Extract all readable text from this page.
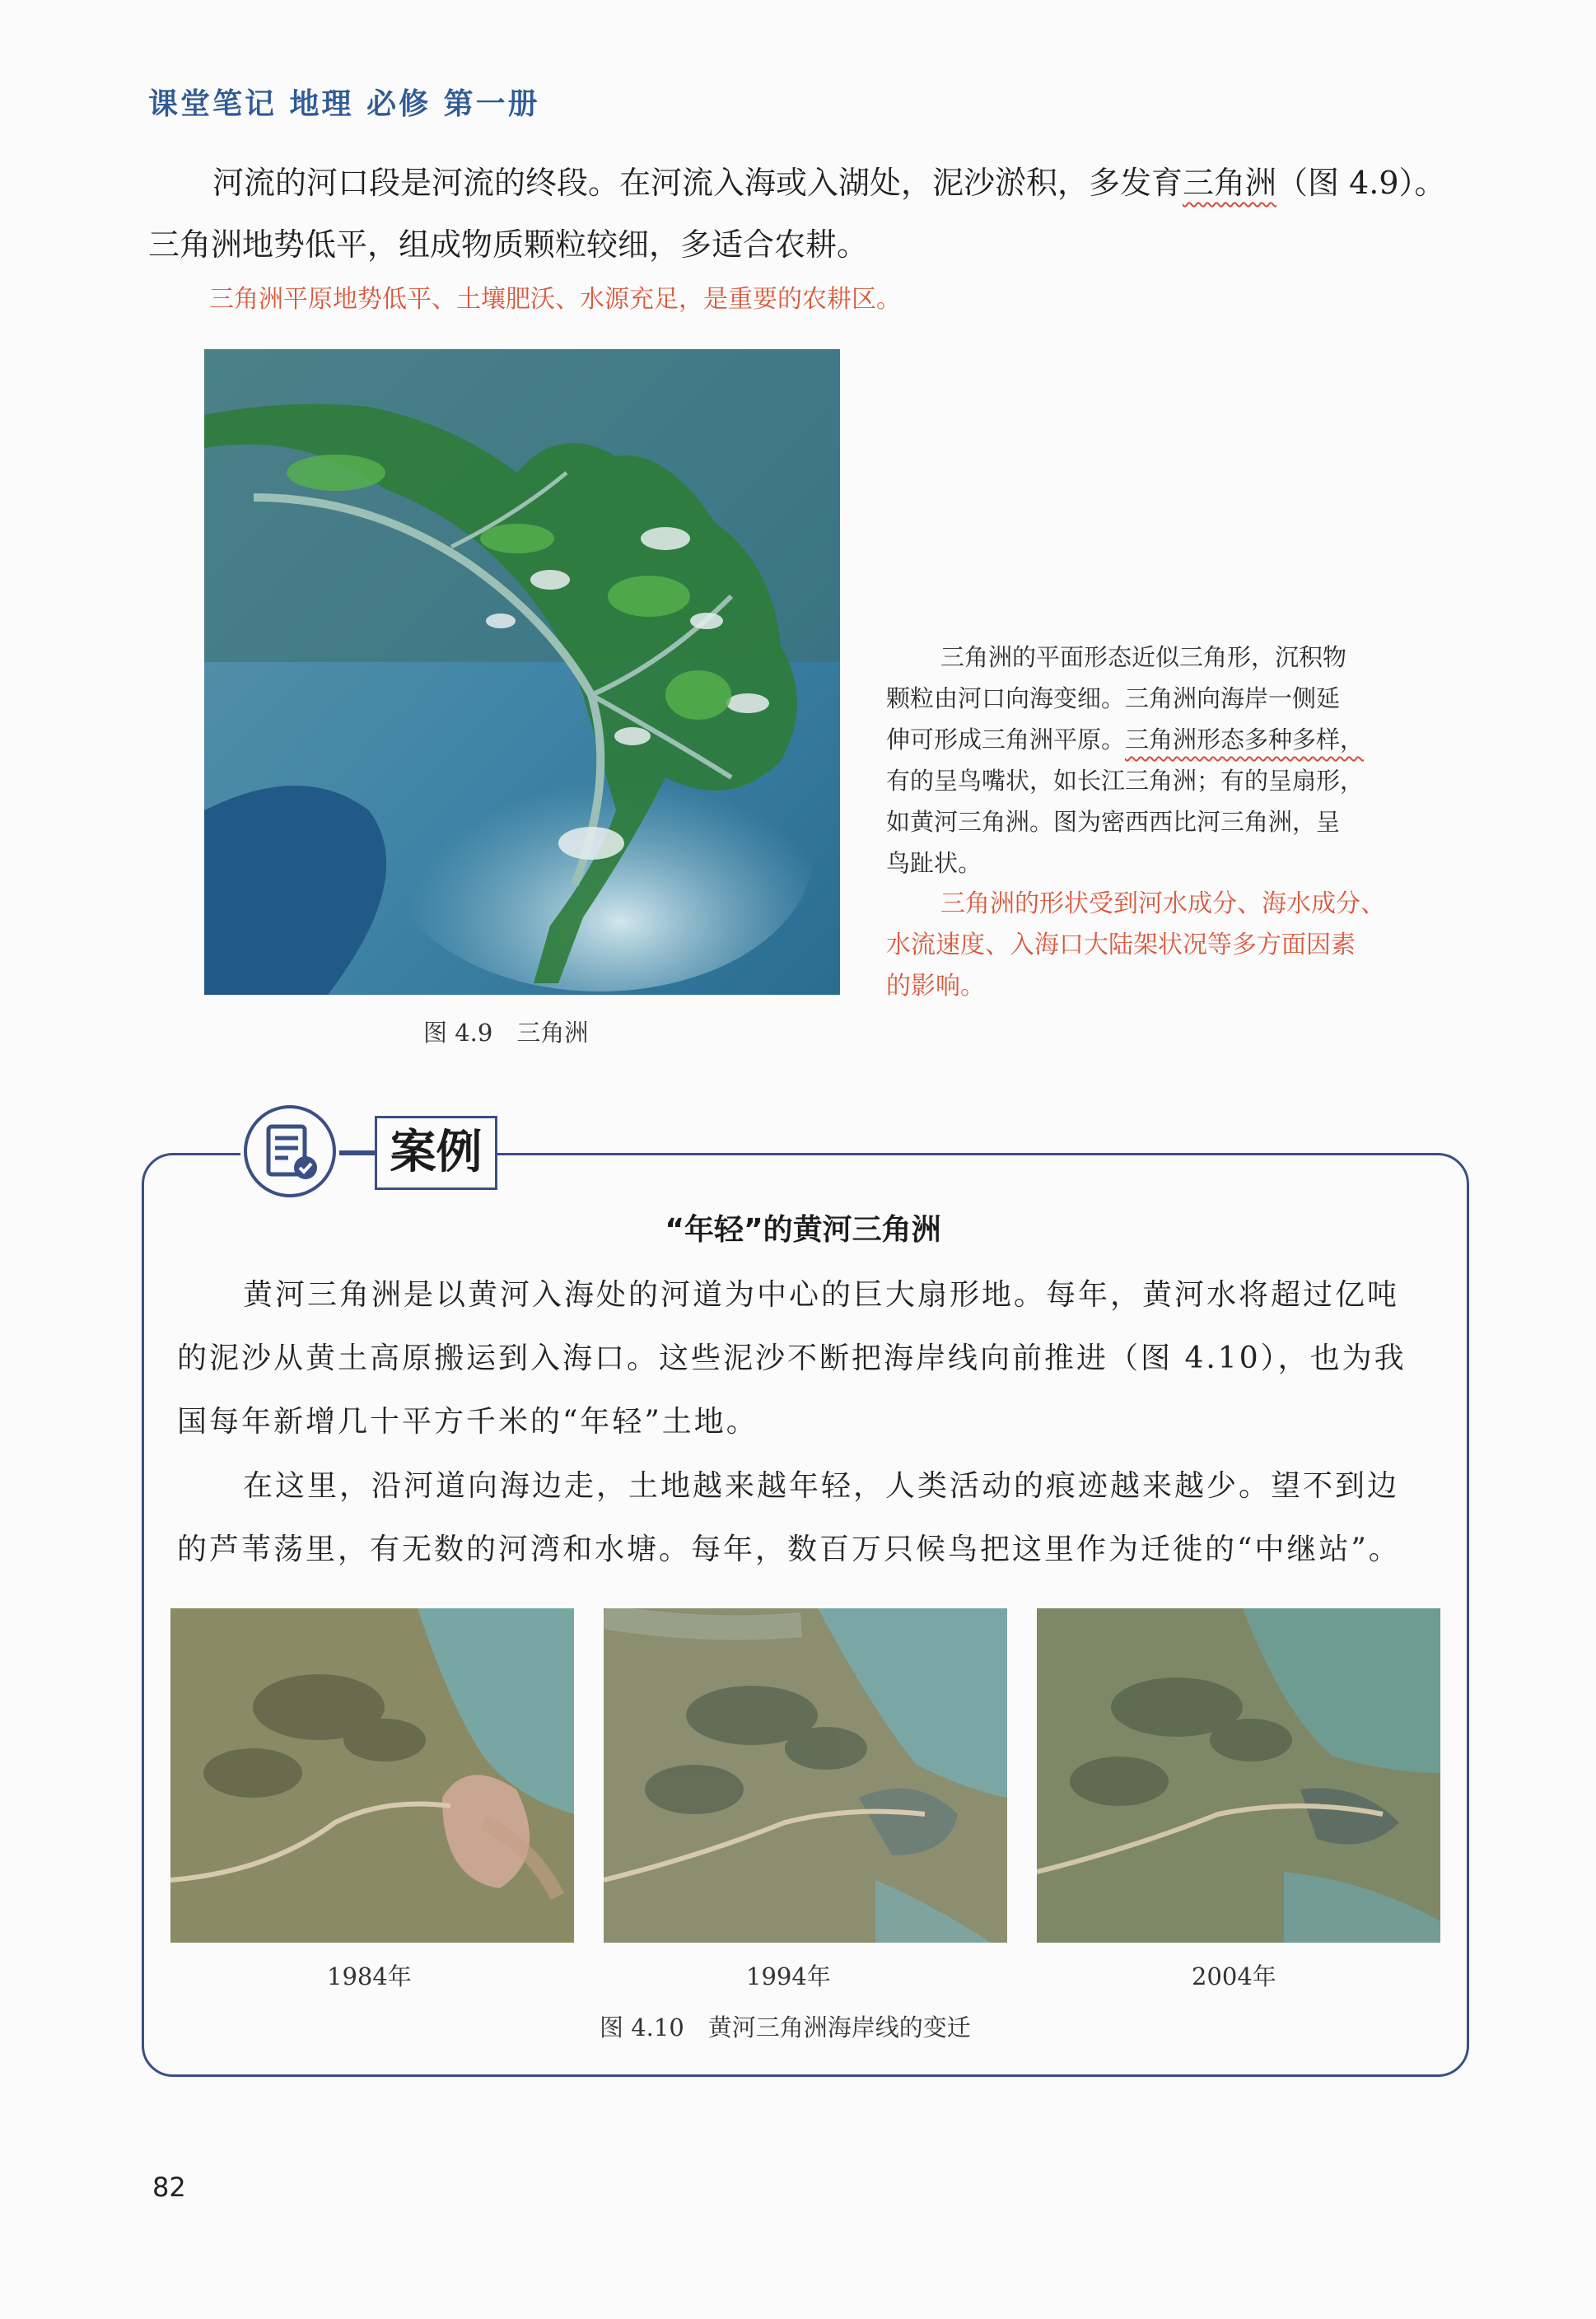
课堂笔记 地理 必修 第一册
河流的河口段是河流的终段。在河流入海或入湖处，泥沙淤积，多发育三角洲（图 4.9）。
三角洲地势低平，组成物质颗粒较细，多适合农耕。
三角洲平原地势低平、土壤肥沃、水源充足，是重要的农耕区。
三角洲的平面形态近似三角形，沉积物
颗粒由河口向海变细。三角洲向海岸一侧延
伸可形成三角洲平原。三角洲形态多种多样，
有的呈鸟嘴状，如长江三角洲；有的呈扇形，
如黄河三角洲。图为密西西比河三角洲，呈
鸟趾状。
三角洲的形状受到河水成分、海水成分、
水流速度、入海口大陆架状况等多方面因素
的影响。
图 4.9　三角洲
案例
“年轻”的黄河三角洲
黄河三角洲是以黄河入海处的河道为中心的巨大扇形地。每年，黄河水将超过亿吨
的泥沙从黄土高原搬运到入海口。这些泥沙不断把海岸线向前推进（图 4.10），也为我
国每年新增几十平方千米的“年轻”土地。
在这里，沿河道向海边走，土地越来越年轻，人类活动的痕迹越来越少。望不到边
的芦苇荡里，有无数的河湾和水塘。每年，数百万只候鸟把这里作为迁徙的“中继站”。
1984年	1994年	2004年
图 4.10　黄河三角洲海岸线的变迁
82
